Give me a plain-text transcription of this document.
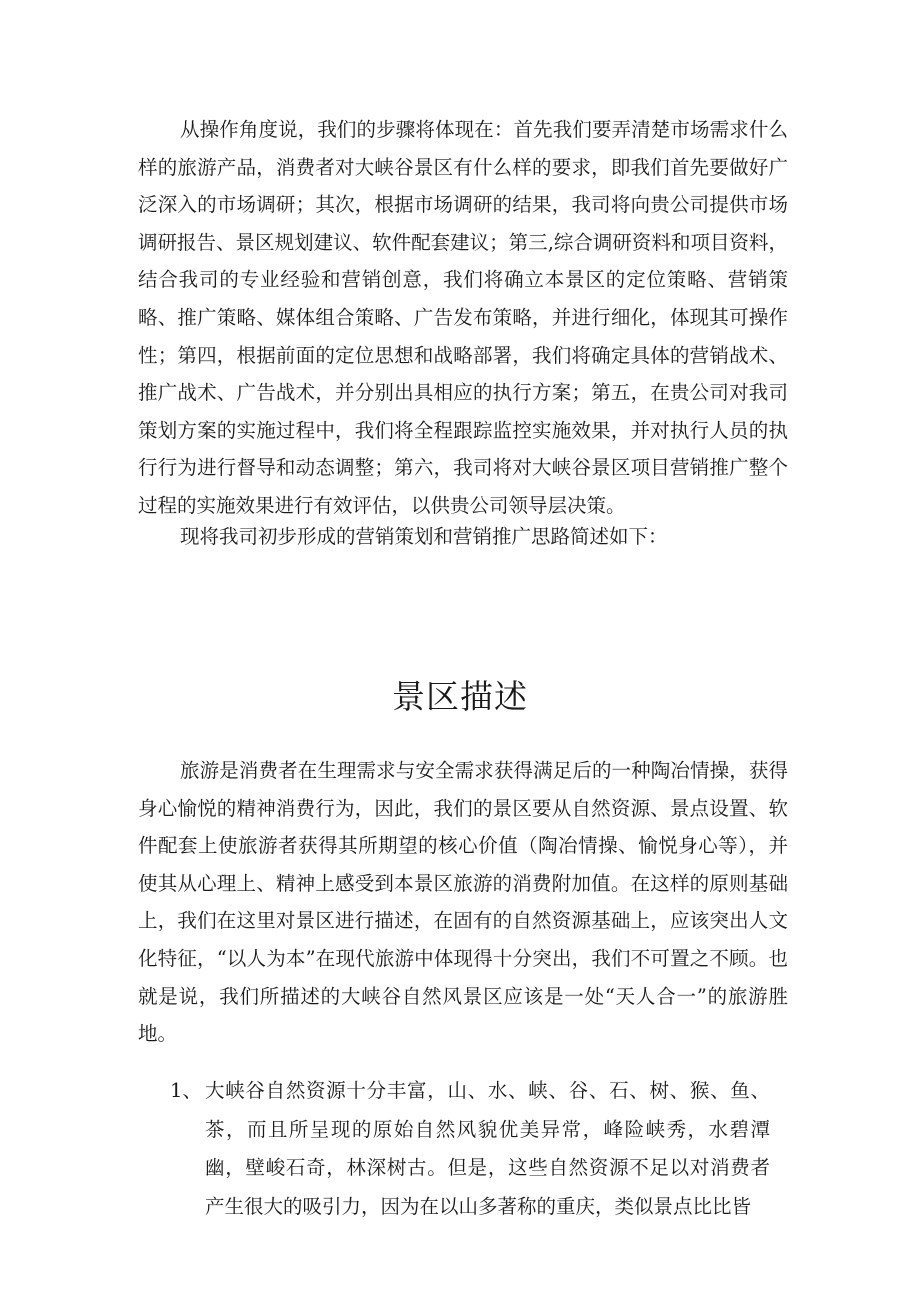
从操作角度说，我们的步骤将体现在：首先我们要弄清楚市场需求什么样的旅游产品，消费者对大峡谷景区有什么样的要求，即我们首先要做好广泛深入的市场调研；其次，根据市场调研的结果，我司将向贵公司提供市场调研报告、景区规划建议、软件配套建议；第三,综合调研资料和项目资料，结合我司的专业经验和营销创意，我们将确立本景区的定位策略、营销策略、推广策略、媒体组合策略、广告发布策略，并进行细化，体现其可操作性；第四，根据前面的定位思想和战略部署，我们将确定具体的营销战术、推广战术、广告战术，并分别出具相应的执行方案；第五，在贵公司对我司策划方案的实施过程中，我们将全程跟踪监控实施效果，并对执行人员的执行行为进行督导和动态调整；第六，我司将对大峡谷景区项目营销推广整个过程的实施效果进行有效评估，以供贵公司领导层决策。

现将我司初步形成的营销策划和营销推广思路简述如下：

景区描述

旅游是消费者在生理需求与安全需求获得满足后的一种陶冶情操，获得身心愉悦的精神消费行为，因此，我们的景区要从自然资源、景点设置、软件配套上使旅游者获得其所期望的核心价值（陶冶情操、愉悦身心等），并使其从心理上、精神上感受到本景区旅游的消费附加值。在这样的原则基础上，我们在这里对景区进行描述，在固有的自然资源基础上，应该突出人文化特征，“以人为本”在现代旅游中体现得十分突出，我们不可置之不顾。也就是说，我们所描述的大峡谷自然风景区应该是一处“天人合一”的旅游胜地。

1、 大峡谷自然资源十分丰富，山、水、峡、谷、石、树、猴、鱼、茶，而且所呈现的原始自然风貌优美异常，峰险峡秀，水碧潭幽，壁峻石奇，林深树古。但是，这些自然资源不足以对消费者产生很大的吸引力，因为在以山多著称的重庆，类似景点比比皆
